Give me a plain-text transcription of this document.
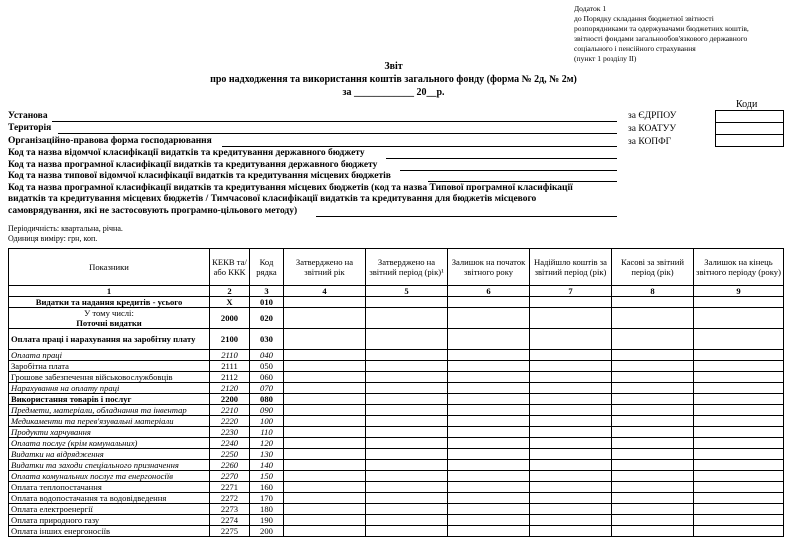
Додаток 1
до Порядку складання бюджетної звітності
розпорядниками та одержувачами бюджетних коштів,
звітності фондами загальнообов'язкового державного
соціального і пенсійного страхування
(пункт 1 розділу II)
Звіт
про надходження та використання коштів загального фонду (форма № 2д, № 2м)
за ____________ 20__р.
Коди
за ЄДРПОУ
за КОАТУУ
за КОПФГ
Установа
Територія
Організаційно-правова форма господарювання
Код та назва відомчої класифікації видатків та кредитування державного бюджету
Код та назва програмної класифікації видатків та кредитування державного бюджету
Код та назва типової відомчої класифікації видатків та кредитування місцевих бюджетів
Код та назва програмної класифікації видатків та кредитування місцевих бюджетів (код та назва Типової програмної класифікації
видатків та кредитування місцевих бюджетів / Тимчасової класифікації видатків та кредитування для бюджетів місцевого
самоврядування, які не застосовують програмно-цільового методу)
Періодичність: квартальна, річна.
Одиниця виміру: грн, коп.
Показники	КЕКВ та/або ККК	Код рядка	Затверджено на звітний рік	Затверджено на звітний період (рік)¹	Залишок на початок звітного року	Надійшло коштів за звітний період (рік)	Касові за звітний період (рік)	Залишок на кінець звітного періоду (року)
1	2	3	4	5	6	7	8	9
Видатки та надання кредитів - усього	X	010						

У тому числі:
Поточні видатки	2000	020						
Оплата праці і нарахування на заробітну плату	2100	030						
Оплата праці	2110	040						
Заробітна плата	2111	050						
Грошове забезпечення військовослужбовців	2112	060						
Нарахування на оплату праці	2120	070						
Використання товарів і послуг	2200	080						
Предмети, матеріали, обладнання та інвентар	2210	090						
Медикаменти та перев'язувальні матеріали	2220	100						
Продукти харчування	2230	110						
Оплата послуг (крім комунальних)	2240	120						
Видатки на відрядження	2250	130						
Видатки та заходи спеціального призначення	2260	140						
Оплата комунальних послуг та енергоносіїв	2270	150						
Оплата теплопостачання	2271	160						
Оплата водопостачання та водовідведення	2272	170						
Оплата електроенергії	2273	180						
Оплата природного газу	2274	190						
Оплата інших енергоносіїв	2275	200						
